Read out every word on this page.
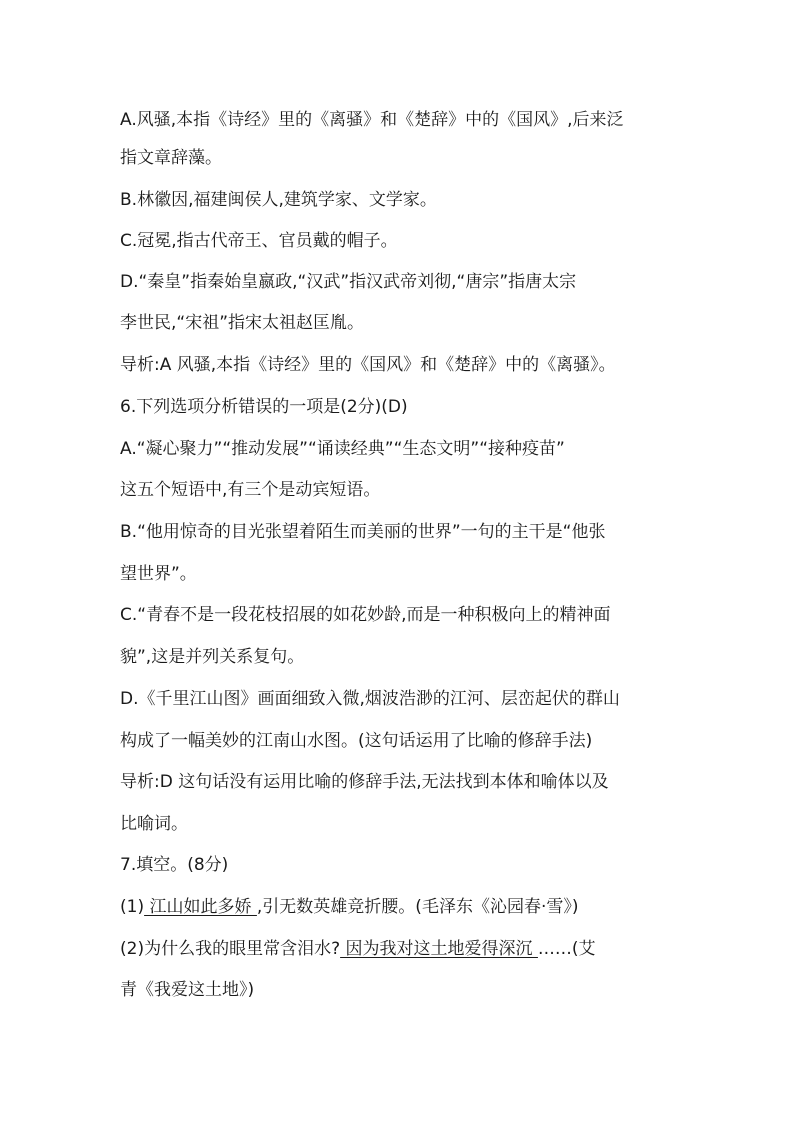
A.风骚,本指《诗经》里的《离骚》和《楚辞》中的《国风》,后来泛
指文章辞藻。
B.林徽因,福建闽侯人,建筑学家、文学家。
C.冠冕,指古代帝王、官员戴的帽子。
D.“秦皇”指秦始皇嬴政,“汉武”指汉武帝刘彻,“唐宗”指唐太宗
李世民,“宋祖”指宋太祖赵匡胤。
导析:A 风骚,本指《诗经》里的《国风》和《楚辞》中的《离骚》。
6.下列选项分析错误的一项是(2分)(D)
A.“凝心聚力”“推动发展”“诵读经典”“生态文明”“接种疫苗”
这五个短语中,有三个是动宾短语。
B.“他用惊奇的目光张望着陌生而美丽的世界”一句的主干是“他张
望世界”。
C.“青春不是一段花枝招展的如花妙龄,而是一种积极向上的精神面
貌”,这是并列关系复句。
D.《千里江山图》画面细致入微,烟波浩渺的江河、层峦起伏的群山
构成了一幅美妙的江南山水图。(这句话运用了比喻的修辞手法)
导析:D 这句话没有运用比喻的修辞手法,无法找到本体和喻体以及
比喻词。
7.填空。(8分)
(1) 江山如此多娇 ,引无数英雄竞折腰。(毛泽东《沁园春·雪》)
(2)为什么我的眼里常含泪水? 因为我对这土地爱得深沉 ……(艾
青《我爱这土地》)
